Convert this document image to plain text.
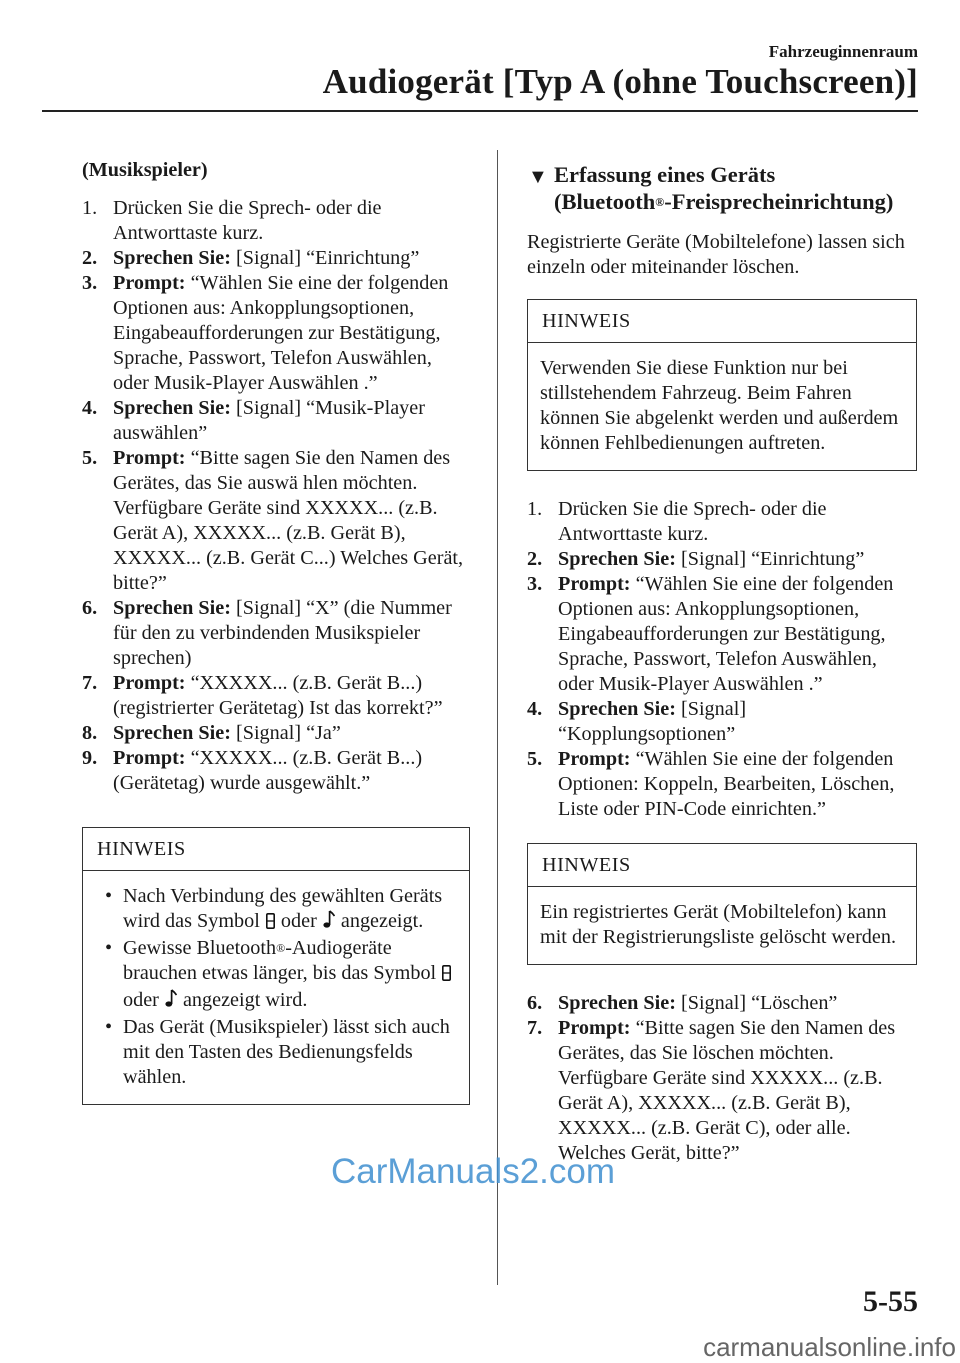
Fahrzeuginnenraum
Audiogerät [Typ A (ohne Touchscreen)]
(Musikspieler)
1. Drücken Sie die Sprech- oder die Antworttaste kurz.
2. Sprechen Sie: [Signal] “Einrichtung”
3. Prompt: “Wählen Sie eine der folgenden Optionen aus: Ankopplungsoptionen, Eingabeaufforderungen zur Bestätigung, Sprache, Passwort, Telefon Auswählen, oder Musik-Player Auswählen .”
4. Sprechen Sie: [Signal] “Musik-Player auswählen”
5. Prompt: “Bitte sagen Sie den Namen des Gerätes, das Sie auswä hlen möchten. Verfügbare Geräte sind XXXXX... (z.B. Gerät A), XXXXX... (z.B. Gerät B), XXXXX... (z.B. Gerät C...) Welches Gerät, bitte?”
6. Sprechen Sie: [Signal] “X” (die Nummer für den zu verbindenden Musikspieler sprechen)
7. Prompt: “XXXXX... (z.B. Gerät B...) (registrierter Gerätetag) Ist das korrekt?”
8. Sprechen Sie: [Signal] “Ja”
9. Prompt: “XXXXX... (z.B. Gerät B...) (Gerätetag) wurde ausgewählt.”
HINWEIS
• Nach Verbindung des gewählten Geräts wird das Symbol oder angezeigt.
• Gewisse Bluetooth®-Audiogeräte brauchen etwas länger, bis das Symbol  oder angezeigt wird.
• Das Gerät (Musikspieler) lässt sich auch mit den Tasten des Bedienungsfelds wählen.
▼ Erfassung eines Geräts
(Bluetooth®-Freisprecheinrichtung)

Registrierte Geräte (Mobiltelefone) lassen sich einzeln oder miteinander löschen.

HINWEIS
Verwenden Sie diese Funktion nur bei stillstehendem Fahrzeug. Beim Fahren können Sie abgelenkt werden und außerdem können Fehlbedienungen auftreten.
1. Drücken Sie die Sprech- oder die Antworttaste kurz.
2. Sprechen Sie: [Signal] “Einrichtung”
3. Prompt: “Wählen Sie eine der folgenden Optionen aus: Ankopplungsoptionen, Eingabeaufforderungen zur Bestätigung, Sprache, Passwort, Telefon Auswählen, oder Musik-Player Auswählen .”
4. Sprechen Sie: [Signal] “Kopplungsoptionen”
5. Prompt: “Wählen Sie eine der folgenden Optionen: Koppeln, Bearbeiten, Löschen, Liste oder PIN-Code einrichten.”
HINWEIS
Ein registriertes Gerät (Mobiltelefon) kann mit der Registrierungsliste gelöscht werden.
6. Sprechen Sie: [Signal] “Löschen”
7. Prompt: “Bitte sagen Sie den Namen des Gerätes, das Sie löschen möchten. Verfügbare Geräte sind XXXXX... (z.B. Gerät A), XXXXX... (z.B. Gerät B), XXXXX... (z.B. Gerät C), oder alle. Welches Gerät, bitte?”
5-55
CarManuals2.com
carmanualsonline.info
